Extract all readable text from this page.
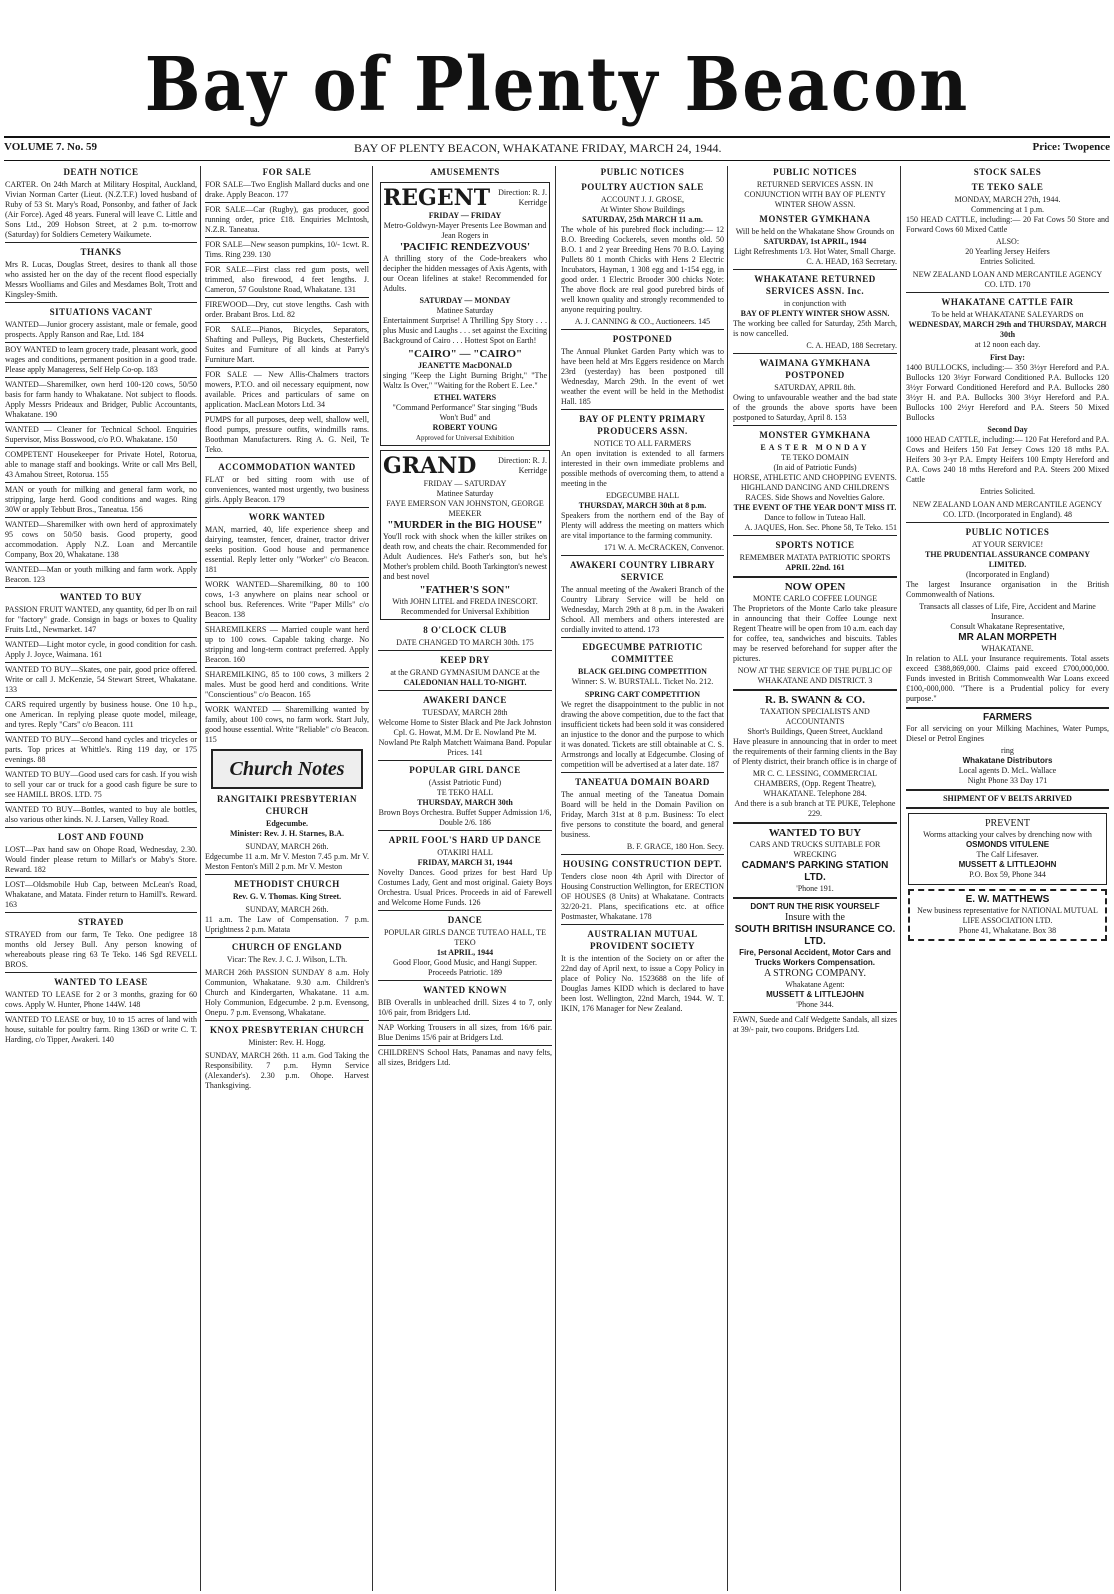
Bay of Plenty Beacon
VOLUME 7. No. 59	BAY OF PLENTY BEACON, WHAKATANE FRIDAY, MARCH 24, 1944.	Price: Twopence
DEATH NOTICE
CARTER. On 24th March at Military Hospital, Auckland, Vivian Norman Carter (Lieut. (N.Z.T.F.) loved husband of Ruby of 53 St. Mary's Road, Ponsonby, and father of Jack (Air Force). Aged 48 years. Funeral will leave C. Little and Sons Ltd., 209 Hobson Street, at 2 p.m. to-morrow (Saturday) for Soldiers Cemetery Waikumete.
THANKS
Mrs R. Lucas, Douglas Street, desires to thank all those who assisted her on the day of the recent flood especially Messrs Woolliams and Giles and Mesdames Bolt, Trott and Kingsley-Smith.
SITUATIONS VACANT
WANTED—Junior grocery assistant, male or female, good prospects. Apply Ranson and Rae, Ltd. 184
BOY WANTED to learn grocery trade, pleasant work, good wages and conditions, permanent position in a good trade. Please apply Manageress, Self Help Co-op. 183
WANTED—Sharemilker, own herd 100-120 cows, 50/50 basis for farm handy to Whakatane. Not subject to floods. Apply Messrs Prideaux and Bridger, Public Accountants, Whakatane. 190
WANTED — Cleaner for Technical School. Enquiries Supervisor, Miss Bosswood, c/o P.O. Whakatane. 150
COMPETENT Housekeeper for Private Hotel, Rotorua, able to manage staff and bookings. Write or call Mrs Bell, 43 Amahou Street, Rotorua. 155
MAN or youth for milking and general farm work, no stripping, large herd. Good conditions and wages. Ring 30W or apply Tebbutt Bros., Taneatua. 156
WANTED—Sharemilker with own herd of approximately 95 cows on 50/50 basis. Good property, good accommodation. Apply N.Z. Loan and Mercantile Company, Box 20, Whakatane. 138
WANTED—Man or youth milking and farm work. Apply Beacon. 123
WANTED TO BUY
PASSION FRUIT WANTED, any quantity, 6d per lb on rail for "factory" grade. Consign in bags or boxes to Quality Fruits Ltd., Newmarket. 147
WANTED—Light motor cycle, in good condition for cash. Apply J. Joyce, Waimana. 161
WANTED TO BUY—Skates, one pair, good price offered. Write or call J. McKenzie, 54 Stewart Street, Whakatane. 133
CARS required urgently by business house. One 10 h.p., one American. In replying please quote model, mileage, and tyres. Reply "Cars" c/o Beacon. 111
WANTED TO BUY—Second hand cycles and tricycles or parts. Top prices at Whittle's. Ring 119 day, or 175 evenings. 88
WANTED TO BUY—Good used cars for cash. If you wish to sell your car or truck for a good cash figure be sure to see HAMILL BROS. LTD. 75
WANTED TO BUY—Bottles, wanted to buy ale bottles, also various other kinds. N. J. Larsen, Valley Road.
LOST AND FOUND
LOST—Pax hand saw on Ohope Road, Wednesday, 2.30. Would finder please return to Millar's or Maby's Store. Reward. 182
LOST—Oldsmobile Hub Cap, between McLean's Road, Whakatane, and Matata. Finder return to Hamill's. Reward. 163
STRAYED
STRAYED from our farm, Te Teko. One pedigree 18 months old Jersey Bull. Any person knowing of whereabouts please ring 63 Te Teko. 146 Sgd REVELL BROS.
WANTED TO LEASE
WANTED TO LEASE for 2 or 3 months, grazing for 60 cows. Apply W. Hunter, Phone 144W. 148
WANTED TO LEASE or buy, 10 to 15 acres of land with house, suitable for poultry farm. Ring 136D or write C. T. Harding, c/o Tipper, Awakeri. 140
FOR SALE
FOR SALE—Two English Mallard ducks and one drake. Apply Beacon. 177
FOR SALE—Car (Rugby), gas producer, good running order, price £18. Enquiries McIntosh, N.Z.R. Taneatua.
FOR SALE—New season pumpkins, 10/- 1cwt. R. Tims. Ring 239. 130
FOR SALE—First class red gum posts, well trimmed, also firewood, 4 feet lengths. J. Cameron, 57 Goulstone Road, Whakatane. 131
FIREWOOD—Dry, cut stove lengths. Cash with order. Brabant Bros. Ltd. 82
FOR SALE—Pianos, Bicycles, Separators, Shafting and Pulleys, Pig Buckets, Chesterfield Suites and Furniture of all kinds at Parry's Furniture Mart.
FOR SALE — New Allis-Chalmers tractors mowers, P.T.O. and oil necessary equipment, now available. Prices and particulars of same on application. MacLean Motors Ltd. 34
PUMPS for all purposes, deep well, shallow well, flood pumps, pressure outfits, windmills rams. Boothman Manufacturers. Ring A. G. Neil, Te Teko.
ACCOMMODATION WANTED
FLAT or bed sitting room with use of conveniences, wanted most urgently, two business girls. Apply Beacon. 179
WORK WANTED
MAN, married, 40, life experience sheep and dairying, teamster, fencer, drainer, tractor driver seeks position. Good house and permanence essential. Reply letter only "Worker" c/o Beacon. 181
WORK WANTED—Sharemilking, 80 to 100 cows, 1-3 anywhere on plains near school or school bus. References. Write "Paper Mills" c/o Beacon. 138
SHAREMILKERS — Married couple want herd up to 100 cows. Capable taking charge. No stripping and long-term contract preferred. Apply Beacon. 160
SHAREMILKING, 85 to 100 cows, 3 milkers 2 males. Must be good herd and conditions. Write "Conscientious" c/o Beacon. 165
WORK WANTED — Sharemilking wanted by family, about 100 cows, no farm work. Start July, good house essential. Write "Reliable" c/o Beacon. 115
Church Notes
RANGITAIKI PRESBYTERIAN CHURCH
Edgecumbe.
Minister: Rev. J. H. Starnes, B.A.
SUNDAY, MARCH 26th.
Edgecumbe 11 a.m. Mr V. Meston 7.45 p.m. Mr V. Meston Fenton's Mill 2 p.m. Mr V. Meston
METHODIST CHURCH
Rev. G. V. Thomas. King Street.
SUNDAY, MARCH 26th.
11 a.m. The Law of Compensation. 7 p.m. Uprightness 2 p.m. Matata
CHURCH OF ENGLAND
Vicar: The Rev. J. C. J. Wilson, L.Th.
MARCH 26th PASSION SUNDAY 8 a.m. Holy Communion, Whakatane. 9.30 a.m. Children's Church and Kindergarten, Whakatane. 11 a.m. Holy Communion, Edgecumbe. 2 p.m. Evensong, Onepu. 7 p.m. Evensong, Whakatane.
KNOX PRESBYTERIAN CHURCH
Minister: Rev. H. Hogg.
SUNDAY, MARCH 26th. 11 a.m. God Taking the Responsibility. 7 p.m. Hymn Service (Alexander's). 2.30 p.m. Ohope. Harvest Thanksgiving.
AMUSEMENTS
REGENT	Direction: R. J. Kerridge
FRIDAY — FRIDAY
Metro-Goldwyn-Mayer Presents Lee Bowman and Jean Rogers in
'PACIFIC RENDEZVOUS'
A thrilling story of the Code-breakers who decipher the hidden messages of Axis Agents, with our Ocean lifelines at stake! Recommended for Adults.
SATURDAY — MONDAY
Matinee Saturday
Entertainment Surprise! A Thrilling Spy Story . . . plus Music and Laughs . . . set against the Exciting Background of Cairo . . . Hottest Spot on Earth!
"CAIRO" — "CAIRO"
JEANETTE MacDONALD
singing "Keep the Light Burning Bright," "The Waltz Is Over," "Waiting for the Robert E. Lee."
ETHEL WATERS
"Command Performance" Star singing "Buds Won't Bud" and
ROBERT YOUNG
Approved for Universal Exhibition
GRAND	Direction: R. J. Kerridge
FRIDAY — SATURDAY
Matinee Saturday
FAYE EMERSON VAN JOHNSTON, GEORGE MEEKER
"MURDER in the BIG HOUSE"
You'll rock with shock when the killer strikes on death row, and cheats the chair. Recommended for Adult Audiences. He's Father's son, but he's Mother's problem child. Booth Tarkington's newest and best novel
"FATHER'S SON"
With JOHN LITEL and FREDA INESCORT. Recommended for Universal Exhibition
8 O'CLOCK CLUB
DATE CHANGED TO MARCH 30th. 175
KEEP DRY
at the GRAND GYMNASIUM DANCE at the
CALEDONIAN HALL TO-NIGHT.
AWAKERI DANCE
TUESDAY, MARCH 28th
Welcome Home to Sister Black and Pte Jack Johnston Cpl. G. Howat, M.M. Dr E. Nowland Pte M. Nowland Pte Ralph Matchett Waimana Band. Popular Prices. 141
POPULAR GIRL DANCE
(Assist Patriotic Fund)
TE TEKO HALL
THURSDAY, MARCH 30th
Brown Boys Orchestra. Buffet Supper Admission 1/6, Double 2/6. 186
APRIL FOOL'S HARD UP DANCE
OTAKIRI HALL
FRIDAY, MARCH 31, 1944
Novelty Dances. Good prizes for best Hard Up Costumes Lady, Gent and most original. Gaiety Boys Orchestra. Usual Prices. Proceeds in aid of Farewell and Welcome Home Funds. 126
DANCE
POPULAR GIRLS DANCE TUTEAO HALL, TE TEKO
1st APRIL, 1944
Good Floor, Good Music, and Hangi Supper. Proceeds Patriotic. 189
WANTED KNOWN
BIB Overalls in unbleached drill. Sizes 4 to 7, only 10/6 pair, from Bridgers Ltd.
NAP Working Trousers in all sizes, from 16/6 pair. Blue Denims 15/6 pair at Bridgers Ltd.
CHILDREN'S School Hats, Panamas and navy felts, all sizes, Bridgers Ltd.
PUBLIC NOTICES
POULTRY AUCTION SALE
ACCOUNT J. J. GROSE,
At Winter Show Buildings
SATURDAY, 25th MARCH 11 a.m.
The whole of his purebred flock including:— 12 B.O. Breeding Cockerels, seven months old. 50 B.O. 1 and 2 year Breeding Hens 70 B.O. Laying Pullets 80 1 month Chicks with Hens 2 Electric Incubators, Hayman, 1 308 egg and 1-154 egg, in good order. 1 Electric Brooder 300 chicks Note: The above flock are real good purebred birds of well known quality and strongly recommended to anyone requiring poultry.
A. J. CANNING & CO., Auctioneers. 145
POSTPONED
The Annual Plunket Garden Party which was to have been held at Mrs Eggers residence on March 23rd (yesterday) has been postponed till Wednesday, March 29th. In the event of wet weather the event will be held in the Methodist Hall. 185
BAY OF PLENTY PRIMARY PRODUCERS ASSN.
NOTICE TO ALL FARMERS
An open invitation is extended to all farmers interested in their own immediate problems and possible methods of overcoming them, to attend a meeting in the
EDGECUMBE HALL
THURSDAY, MARCH 30th at 8 p.m.
Speakers from the northern end of the Bay of Plenty will address the meeting on matters which are vital importance to the farming community.
171 W. A. McCRACKEN, Convenor.
AWAKERI COUNTRY LIBRARY SERVICE
The annual meeting of the Awakeri Branch of the Country Library Service will be held on Wednesday, March 29th at 8 p.m. in the Awakeri School. All members and others interested are cordially invited to attend. 173
EDGECUMBE PATRIOTIC COMMITTEE
BLACK GELDING COMPETITION
Winner: S. W. BURSTALL. Ticket No. 212.
SPRING CART COMPETITION
We regret the disappointment to the public in not drawing the above competition, due to the fact that insufficient tickets had been sold it was considered an injustice to the donor and the purpose to which it was donated. Tickets are still obtainable at C. S. Armstrongs and locally at Edgecumbe. Closing of competition will be advertised at a later date. 187
TANEATUA DOMAIN BOARD
The annual meeting of the Taneatua Domain Board will be held in the Domain Pavilion on Friday, March 31st at 8 p.m. Business: To elect five persons to constitute the board, and general business.
B. F. GRACE, 180 Hon. Secy.
HOUSING CONSTRUCTION DEPT.
Tenders close noon 4th April with Director of Housing Construction Wellington, for ERECTION OF HOUSES (8 Units) at Whakatane. Contracts 32/20-21. Plans, specifications etc. at office Postmaster, Whakatane. 178
AUSTRALIAN MUTUAL PROVIDENT SOCIETY
It is the intention of the Society on or after the 22nd day of April next, to issue a Copy Policy in place of Policy No. 1523688 on the life of Douglas James KIDD which is declared to have been lost. Wellington, 22nd March, 1944. W. T. IKIN, 176 Manager for New Zealand.
PUBLIC NOTICES
RETURNED SERVICES ASSN. IN CONJUNCTION WITH BAY OF PLENTY WINTER SHOW ASSN.
MONSTER GYMKHANA
Will be held on the Whakatane Show Grounds on
SATURDAY, 1st APRIL, 1944
Light Refreshments 1/3. Hot Water, Small Charge.
C. A. HEAD, 163 Secretary.
WHAKATANE RETURNED SERVICES ASSN. Inc.
in conjunction with
BAY OF PLENTY WINTER SHOW ASSN.
The working bee called for Saturday, 25th March, is now cancelled.
C. A. HEAD, 188 Secretary.
WAIMANA GYMKHANA POSTPONED
SATURDAY, APRIL 8th.
Owing to unfavourable weather and the bad state of the grounds the above sports have been postponed to Saturday, April 8. 153
MONSTER GYMKHANA
EASTER MONDAY
TE TEKO DOMAIN
(In aid of Patriotic Funds)
HORSE, ATHLETIC AND CHOPPING EVENTS. HIGHLAND DANCING AND CHILDREN'S RACES. Side Shows and Novelties Galore.
THE EVENT OF THE YEAR DON'T MISS IT.
Dance to follow in Tuteao Hall.
A. JAQUES, Hon. Sec. Phone 58, Te Teko. 151
SPORTS NOTICE
REMEMBER MATATA PATRIOTIC SPORTS
APRIL 22nd. 161
NOW OPEN
MONTE CARLO COFFEE LOUNGE
The Proprietors of the Monte Carlo take pleasure in announcing that their Coffee Lounge next Regent Theatre will be open from 10 a.m. each day for coffee, tea, sandwiches and biscuits. Tables may be reserved beforehand for supper after the pictures.
NOW AT THE SERVICE OF THE PUBLIC OF WHAKATANE AND DISTRICT. 3
R. B. SWANN & CO.
TAXATION SPECIALISTS AND ACCOUNTANTS
Short's Buildings, Queen Street, Auckland
Have pleasure in announcing that in order to meet the requirements of their farming clients in the Bay of Plenty district, their branch office is in charge of
MR C. C. LESSING, COMMERCIAL CHAMBERS, (Opp. Regent Theatre), WHAKATANE. Telephone 284.
And there is a sub branch at TE PUKE, Telephone 229.
WANTED TO BUY
CARS AND TRUCKS SUITABLE FOR WRECKING
CADMAN'S PARKING STATION LTD.
'Phone 191.
DON'T RUN THE RISK YOURSELF
Insure with the
SOUTH BRITISH INSURANCE CO. LTD.
Fire, Personal Accident, Motor Cars and Trucks Workers Compensation.
A STRONG COMPANY.
Whakatane Agent:
MUSSETT & LITTLEJOHN
'Phone 344.
FAWN, Suede and Calf Wedgette Sandals, all sizes at 39/- pair, two coupons. Bridgers Ltd.
STOCK SALES
TE TEKO SALE
MONDAY, MARCH 27th, 1944.
Commencing at 1 p.m.
150 HEAD CATTLE, including:— 20 Fat Cows 50 Store and Forward Cows 60 Mixed Cattle
ALSO:
20 Yearling Jersey Heifers
Entries Solicited.
NEW ZEALAND LOAN AND MERCANTILE AGENCY CO. LTD. 170
WHAKATANE CATTLE FAIR
To be held at WHAKATANE SALEYARDS on
WEDNESDAY, MARCH 29th and THURSDAY, MARCH 30th
at 12 noon each day.
First Day:
1400 BULLOCKS, including:— 350 3½yr Hereford and P.A. Bullocks 120 3½yr Forward Conditioned P.A. Bullocks 120 3½yr Forward Conditioned Hereford and P.A. Bullocks 280 3½yr H. and P.A. Bullocks 300 3½yr Hereford and P.A. Bullocks 100 2½yr Hereford and P.A. Steers 50 Mixed Bullocks
Second Day
1000 HEAD CATTLE, including:— 120 Fat Hereford and P.A. Cows and Heifers 150 Fat Jersey Cows 120 18 mths P.A. Heifers 30 3-yr P.A. Empty Heifers 100 Empty Hereford and P.A. Cows 240 18 mths Hereford and P.A. Steers 200 Mixed Cattle
Entries Solicited.
NEW ZEALAND LOAN AND MERCANTILE AGENCY CO. LTD. (Incorporated in England). 48
PUBLIC NOTICES
AT YOUR SERVICE!
THE PRUDENTIAL ASSURANCE COMPANY LIMITED.
(Incorporated in England)
The largest Insurance organisation in the British Commonwealth of Nations.
Transacts all classes of Life, Fire, Accident and Marine Insurance.
Consult Whakatane Representative,
MR ALAN MORPETH
WHAKATANE.
In relation to ALL your Insurance requirements. Total assets exceed £388,869,000. Claims paid exceed £700,000,000. Funds invested in British Commonwealth War Loans exceed £100,-000,000. "There is a Prudential policy for every purpose."
FARMERS
For all servicing on your Milking Machines, Water Pumps, Diesel or Petrol Engines
ring
Whakatane Distributors
Local agents D. McL. Wallace
Night Phone 33 Day 171
SHIPMENT OF V BELTS ARRIVED
PREVENT
Worms attacking your calves by drenching now with
OSMONDS VITULENE
The Calf Lifesaver.
MUSSETT & LITTLEJOHN
P.O. Box 59, Phone 344
E. W. MATTHEWS
New business representative for NATIONAL MUTUAL LIFE ASSOCIATION LTD.
Phone 41, Whakatane. Box 38
